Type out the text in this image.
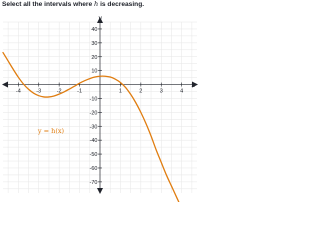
Select all the intervals where h is decreasing.
x
y
-4	-3	-2	-1	1	2	3	4
40
30
20
10
-10
-20
-30
-40
-50
-60
-70
y = h(x)
